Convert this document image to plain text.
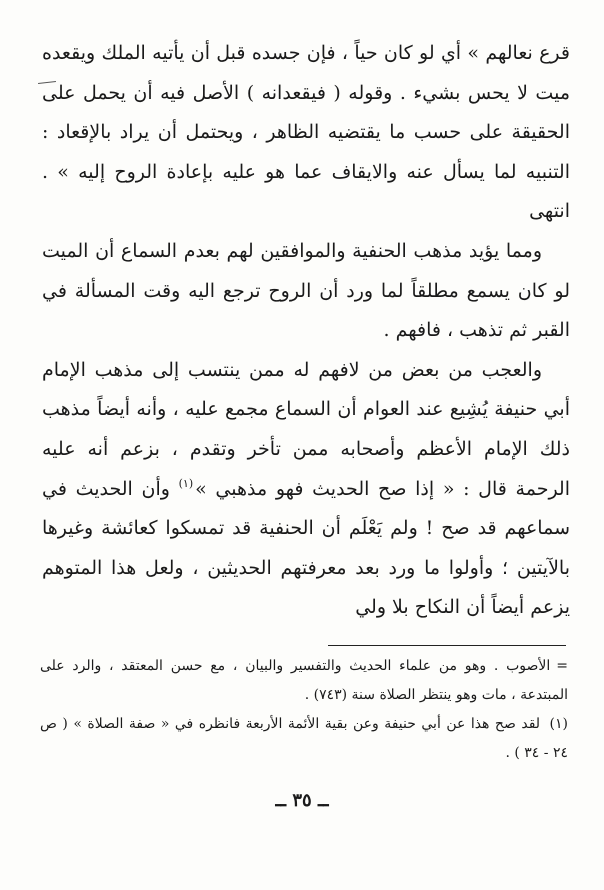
قرع نعالهم » أي لو كان حياً ، فإن جسده قبل أن يأتيه الملك ويقعده ميت لا يحس بشيء . وقوله ( فيقعدانه ) الأصل فيه أن يحمل على الحقيقة على حسب ما يقتضيه الظاهر ، ويحتمل أن يراد بالإقعاد : التنبيه لما يسأل عنه والايقاف عما هو عليه بإعادة الروح إليه » . انتهى

ومما يؤيد مذهب الحنفية والموافقين لهم بعدم السماع أن الميت لو كان يسمع مطلقاً لما ورد أن الروح ترجع اليه وقت المسألة في القبر ثم تذهب ، فافهم .

والعجب من بعض من لافهم له ممن ينتسب إلى مذهب الإمام أبي حنيفة يُشِيع عند العوام أن السماع مجمع عليه ، وأنه أيضاً مذهب ذلك الإمام الأعظم وأصحابه ممن تأخر وتقدم ، بزعم أنه عليه الرحمة قال : « إذا صح الحديث فهو مذهبي »$^{(١)}$ وأن الحديث في سماعهم قد صح ! ولم يَعْلَم أن الحنفية قد تمسكوا كعائشة وغيرها بالآيتين ؛ وأولوا ما ورد بعد معرفتهم الحديثين ، ولعل هذا المتوهم يزعم أيضاً أن النكاح بلا ولي

=الأصوب . وهو من علماء الحديث والتفسير والبيان ، مع حسن المعتقد ، والرد على المبتدعة ، مات وهو ينتظر الصلاة سنة (٧٤٣) .

(١) لقد صح هذا عن أبي حنيفة وعن بقية الأئمة الأربعة فانظره في « صفة الصلاة » ( ص ٢٤ - ٣٤ ) .

ــ ٣٥ ــ
